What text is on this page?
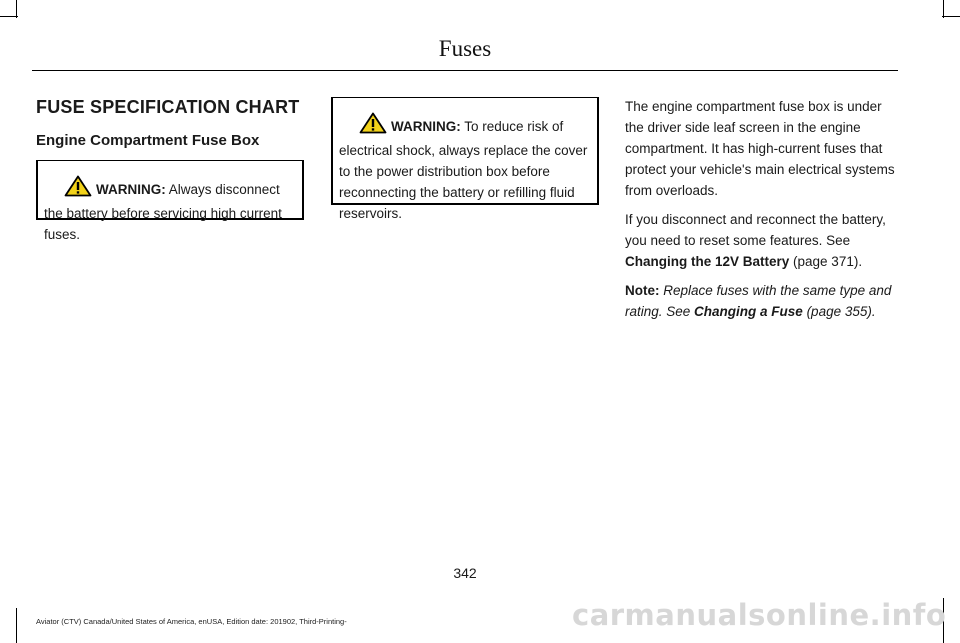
Fuses
FUSE SPECIFICATION CHART
Engine Compartment Fuse Box
WARNING: Always disconnect the battery before servicing high current fuses.
WARNING: To reduce risk of electrical shock, always replace the cover to the power distribution box before reconnecting the battery or refilling fluid reservoirs.

The engine compartment fuse box is under the driver side leaf screen in the engine compartment. It has high-current fuses that protect your vehicle's main electrical systems from overloads.

If you disconnect and reconnect the battery, you need to reset some features. See Changing the 12V Battery (page 371).

Note: Replace fuses with the same type and rating. See Changing a Fuse (page 355).

342
Aviator (CTV) Canada/United States of America, enUSA, Edition date: 201902, Third-Printing-	carmanualsonline.info
